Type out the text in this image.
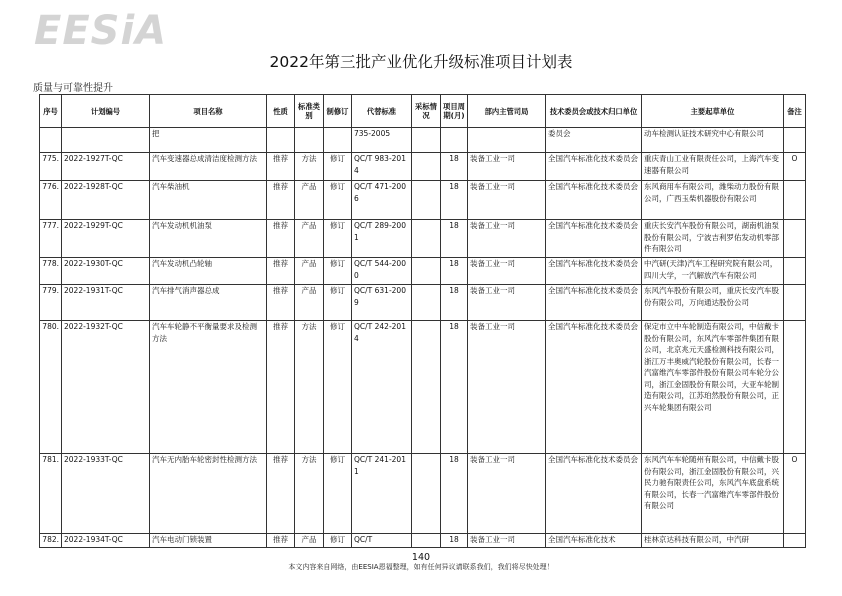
EESiA
2022年第三批产业优化升级标准项目计划表
质量与可靠性提升
序号	计划编号	项目名称	性质	标准类别	制修订	代替标准	采标情况	项目周期(月)	部内主管司局	技术委员会或技术归口单位	主要起草单位	备注
		把				735-2005				委员会	动车检测认证技术研究中心有限公司	
775.	2022-1927T-QC	汽车变速器总成清洁度检测方法	推荐	方法	修订	QC/T 983-2014		18	装备工业一司	全国汽车标准化技术委员会	重庆青山工业有限责任公司，上海汽车变速器有限公司	O
776.	2022-1928T-QC	汽车柴油机	推荐	产品	修订	QC/T 471-2006		18	装备工业一司	全国汽车标准化技术委员会	东风商用车有限公司，潍柴动力股份有限公司，广西玉柴机器股份有限公司	
777.	2022-1929T-QC	汽车发动机机油泵	推荐	产品	修订	QC/T 289-2001		18	装备工业一司	全国汽车标准化技术委员会	重庆长安汽车股份有限公司，湖南机油泵股份有限公司，宁波吉利罗佑发动机零部件有限公司	
778.	2022-1930T-QC	汽车发动机凸轮轴	推荐	产品	修订	QC/T 544-2000		18	装备工业一司	全国汽车标准化技术委员会	中汽研(天津)汽车工程研究院有限公司，四川大学，一汽解放汽车有限公司	
779.	2022-1931T-QC	汽车排气消声器总成	推荐	产品	修订	QC/T 631-2009		18	装备工业一司	全国汽车标准化技术委员会	东风汽车股份有限公司，重庆长安汽车股份有限公司，万向通达股份公司	
780.	2022-1932T-QC	汽车车轮静不平衡量要求及检测方法	推荐	方法	修订	QC/T 242-2014		18	装备工业一司	全国汽车标准化技术委员会	保定市立中车轮制造有限公司，中信戴卡股份有限公司，东风汽车零部件集团有限公司，北京兆元天盛检测科技有限公司，浙江万丰奥威汽轮股份有限公司，长春一汽富维汽车零部件股份有限公司车轮分公司，浙江金固股份有限公司，大亚车轮制造有限公司，江苏珀然股份有限公司，正兴车轮集团有限公司	
781.	2022-1933T-QC	汽车无内胎车轮密封性检测方法	推荐	方法	修订	QC/T 241-2011		18	装备工业一司	全国汽车标准化技术委员会	东风汽车车轮随州有限公司，中信戴卡股份有限公司，浙江金固股份有限公司，兴民力驰有限责任公司，东风汽车底盘系统有限公司，长春一汽富维汽车零部件股份有限公司	O
782.	2022-1934T-QC	汽车电动门锁装置	推荐	产品	修订	QC/T		18	装备工业一司	全国汽车标准化技术	桂林京达科技有限公司，中汽研	
140
本文内容来自网络，由EESIA恩福整理，如有任何异议请联系我们，我们将尽快处理！
